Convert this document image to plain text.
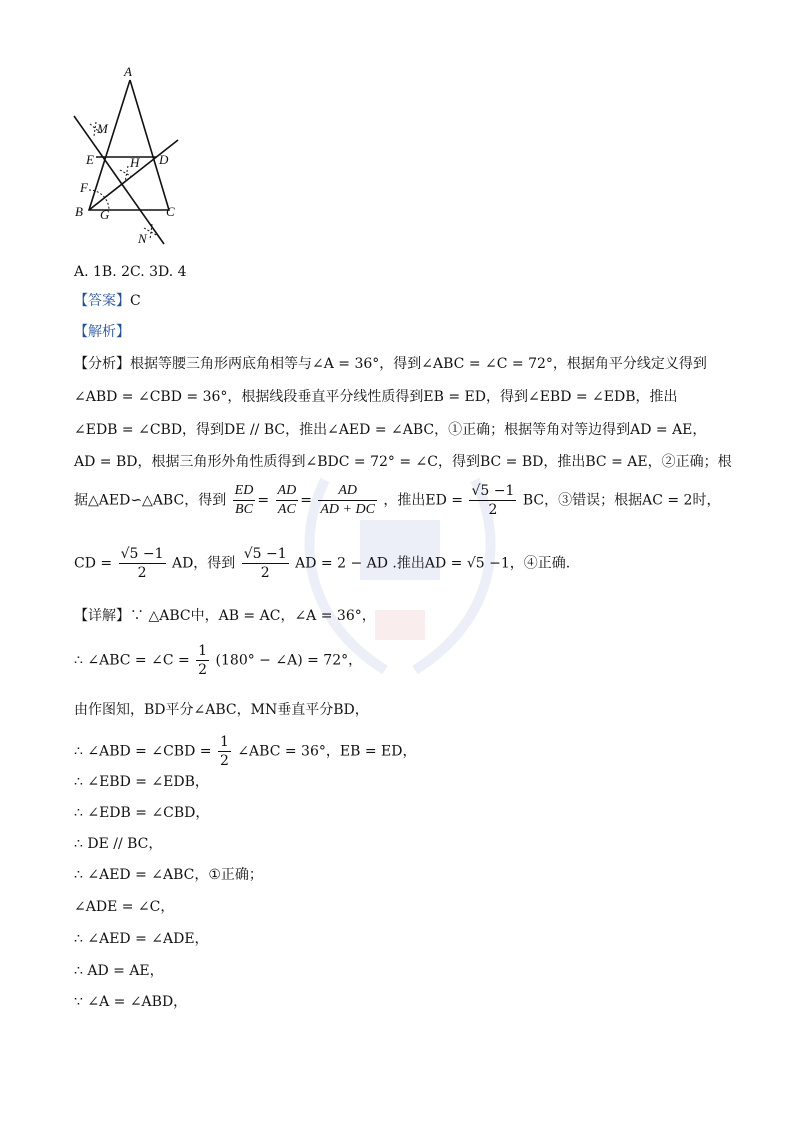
A
M
E	H D
F
B G	C
N
A. 1B. 2C. 3D. 4
【答案】C
【解析】
【分析】根据等腰三角形两底角相等与∠A = 36°，得到∠ABC = ∠C = 72°，根据角平分线定义得到
∠ABD = ∠CBD = 36°，根据线段垂直平分线性质得到EB = ED，得到∠EBD = ∠EDB，推出
∠EDB = ∠CBD，得到DE // BC，推出∠AED = ∠ABC，①正确；根据等角对等边得到AD = AE，
AD = BD，根据三角形外角性质得到∠BDC = 72° = ∠C，得到BC = BD，推出BC = AE，②正确；根
据△AED∽△ABC，得到 $\frac{ED}{BC} = \frac{AD}{AC} = \frac{AD}{AD + DC}$ ，推出ED = $\frac{√5 -1}{2}$ BC，③错误；根据AC = 2时，
CD = $\frac{√5 -1}{2}$ AD，得到 $\frac{√5 -1}{2}$ AD = 2 − AD .推出AD = √5 −1，④正确.
【详解】∵ △ABC中，AB = AC，∠A = 36°，
∴ ∠ABC = ∠C = $\frac{1}{2} (180^\circ$ − ∠A) = 72°，
由作图知，BD平分∠ABC，MN垂直平分BD，
∴ ∠ABD = ∠CBD = $\frac{1}{2}$ ∠ABC = 36°，EB = ED，
∴ ∠EBD = ∠EDB，
∴ ∠EDB = ∠CBD，
∴ DE // BC，
∴ ∠AED = ∠ABC，①正确；
∠ADE = ∠C，
∴ ∠AED = ∠ADE，
∴ AD = AE，
∵ ∠A = ∠ABD，
